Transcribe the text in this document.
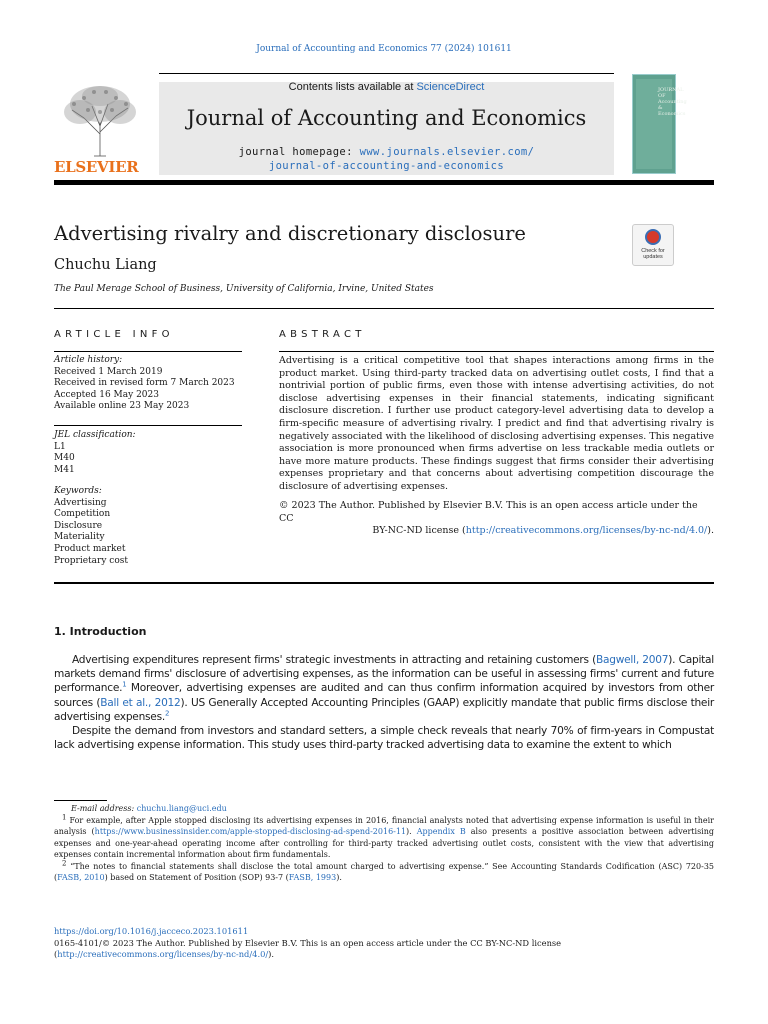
Journal of Accounting and Economics 77 (2024) 101611
ELSEVIER
Contents lists available at ScienceDirect
Journal of Accounting and Economics
journal homepage: www.journals.elsevier.com/
journal-of-accounting-and-economics
JOURNAL OF Accounting & Economics
Advertising rivalry and discretionary disclosure
Chuchu Liang
The Paul Merage School of Business, University of California, Irvine, United States
Check for updates
ARTICLE INFO	ABSTRACT
Article history:
Received 1 March 2019
Received in revised form 7 March 2023
Accepted 16 May 2023
Available online 23 May 2023
JEL classification:
L1
M40
M41
Keywords:
Advertising
Competition
Disclosure
Materiality
Product market
Proprietary cost
Advertising is a critical competitive tool that shapes interactions among firms in the product market. Using third-party tracked data on advertising outlet costs, I find that a nontrivial portion of public firms, even those with intense advertising activities, do not disclose advertising expenses in their financial statements, indicating significant disclosure discretion. I further use product category-level advertising data to develop a firm-specific measure of advertising rivalry. I predict and find that advertising rivalry is negatively associated with the likelihood of disclosing advertising expenses. This negative association is more pronounced when firms advertise on less trackable media outlets or have more mature products. These findings suggest that firms consider their advertising expenses proprietary and that concerns about advertising competition discourage the disclosure of advertising expenses.
© 2023 The Author. Published by Elsevier B.V. This is an open access article under the CC
BY-NC-ND license (http://creativecommons.org/licenses/by-nc-nd/4.0/).
1. Introduction

Advertising expenditures represent firms' strategic investments in attracting and retaining customers (Bagwell, 2007). Capital markets demand firms' disclosure of advertising expenses, as the information can be useful in assessing firms' current and future performance.$^1$ Moreover, advertising expenses are audited and can thus confirm information acquired by investors from other sources (Ball et al., 2012). US Generally Accepted Accounting Principles (GAAP) explicitly mandate that public firms disclose their advertising expenses.$^2$

Despite the demand from investors and standard setters, a simple check reveals that nearly 70% of firm-years in Compustat lack advertising expense information. This study uses third-party tracked advertising data to examine the extent to which

E-mail address: chuchu.liang@uci.edu

$^1$ For example, after Apple stopped disclosing its advertising expenses in 2016, financial analysts noted that advertising expense information is useful in their analysis (https://www.businessinsider.com/apple-stopped-disclosing-ad-spend-2016-11). Appendix B also presents a positive association between advertising expenses and one-year-ahead operating income after controlling for third-party tracked advertising outlet costs, consistent with the view that advertising expenses contain incremental information about firm fundamentals.

$^2$ “The notes to financial statements shall disclose the total amount charged to advertising expense.” See Accounting Standards Codification (ASC) 720-35 (FASB, 2010) based on Statement of Position (SOP) 93-7 (FASB, 1993).

https://doi.org/10.1016/j.jacceco.2023.101611
0165-4101/© 2023 The Author. Published by Elsevier B.V. This is an open access article under the CC BY-NC-ND license (http://creativecommons.org/licenses/by-nc-nd/4.0/).
